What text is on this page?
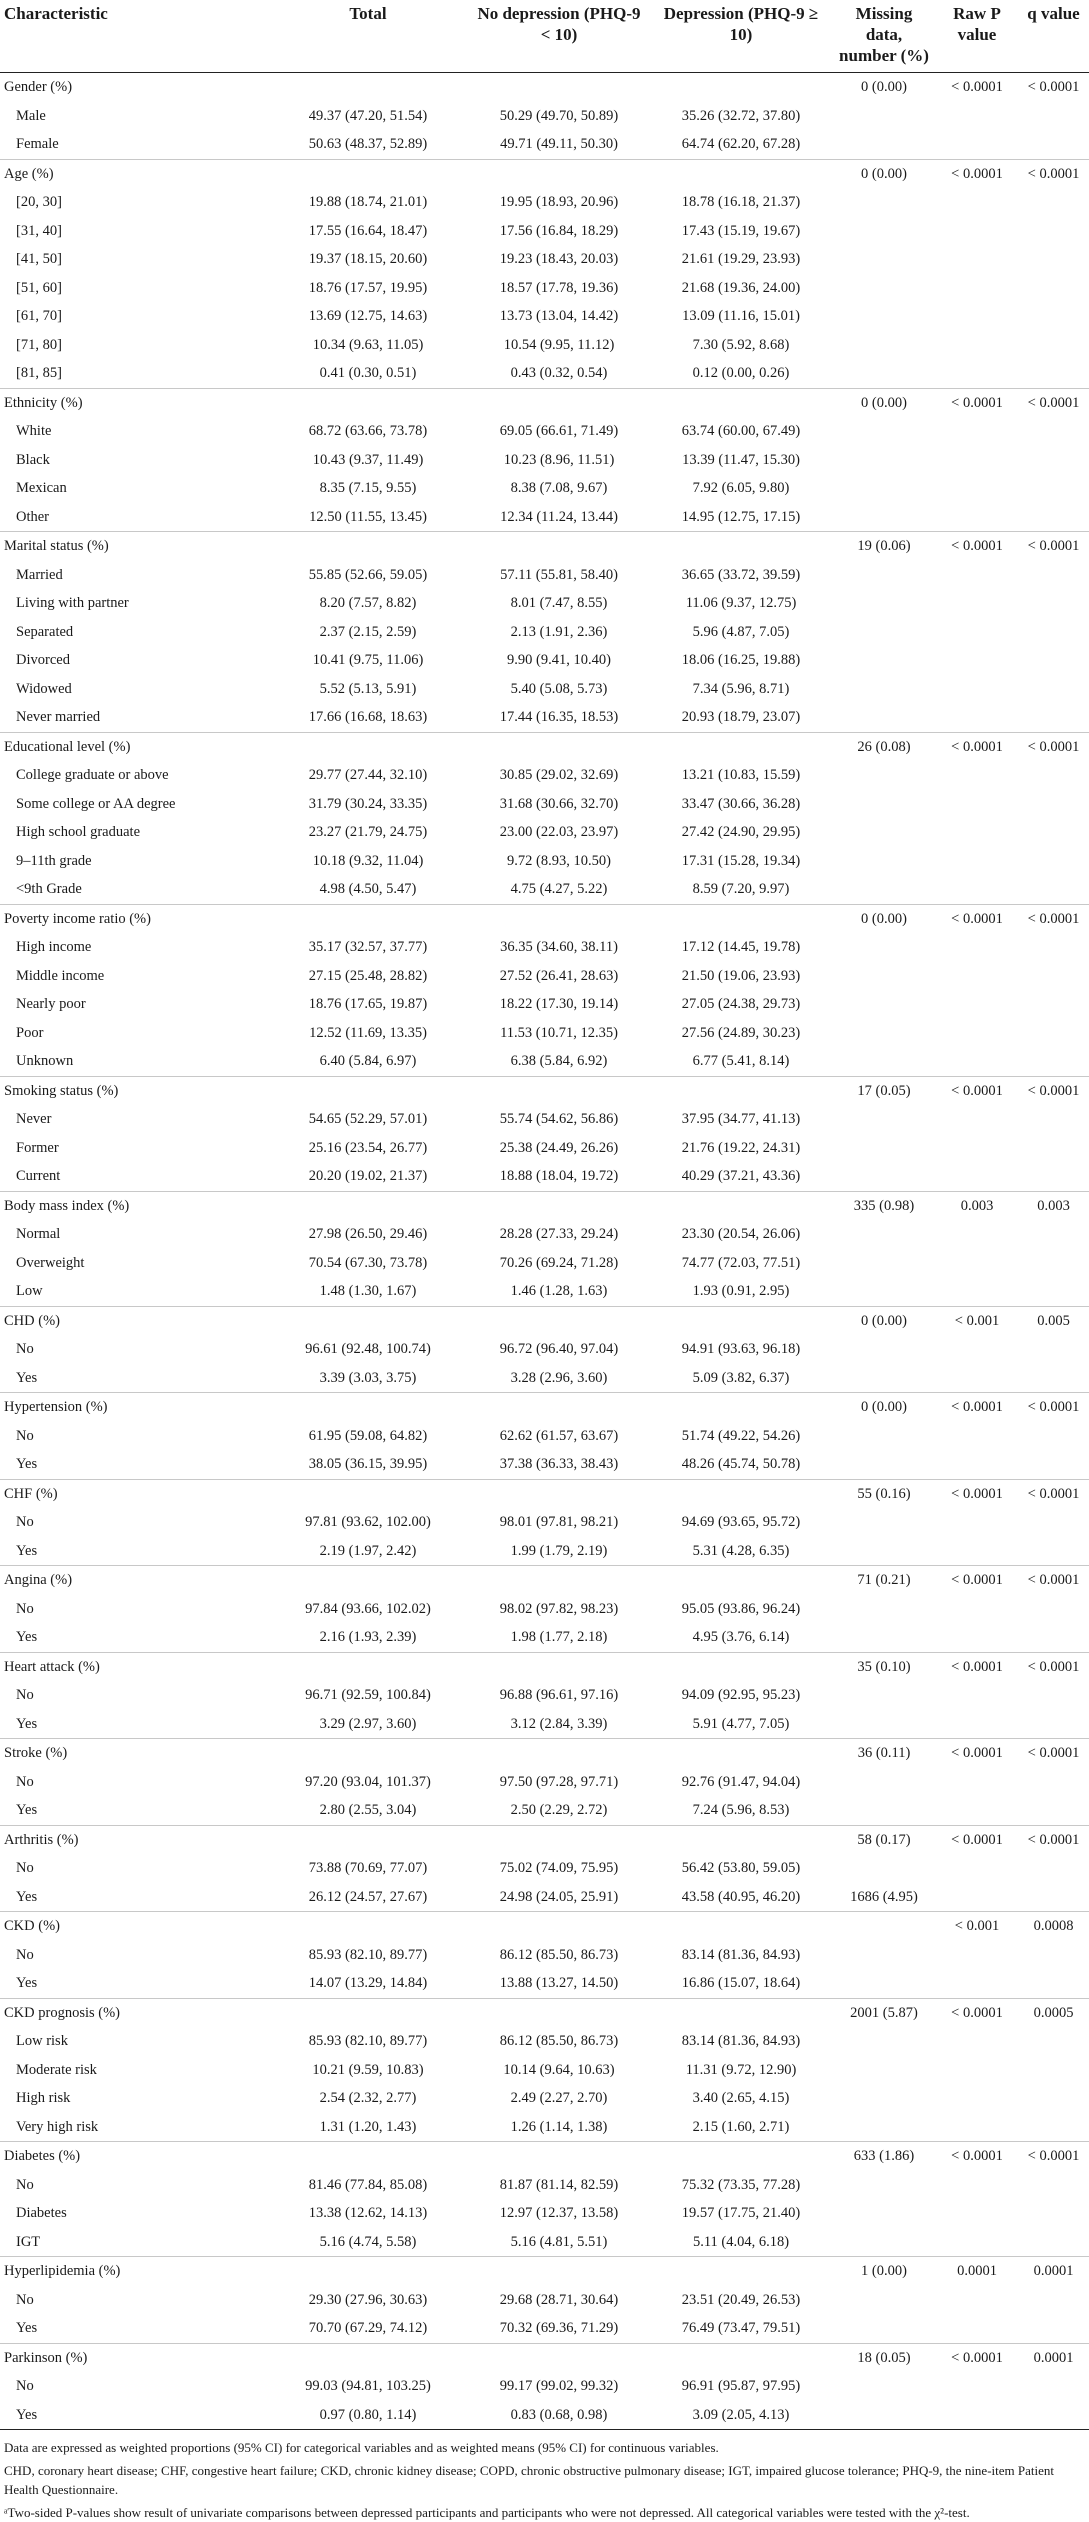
Characteristic	Total	No depression (PHQ-9 < 10)	Depression (PHQ-9 ≥ 10)	Missing data, number (%)	Raw P value	q value
Gender (%)				0 (0.00)	< 0.0001	< 0.0001
Male	49.37 (47.20, 51.54)	50.29 (49.70, 50.89)	35.26 (32.72, 37.80)			
Female	50.63 (48.37, 52.89)	49.71 (49.11, 50.30)	64.74 (62.20, 67.28)			
Age (%)				0 (0.00)	< 0.0001	< 0.0001
[20, 30]	19.88 (18.74, 21.01)	19.95 (18.93, 20.96)	18.78 (16.18, 21.37)			
[31, 40]	17.55 (16.64, 18.47)	17.56 (16.84, 18.29)	17.43 (15.19, 19.67)			
[41, 50]	19.37 (18.15, 20.60)	19.23 (18.43, 20.03)	21.61 (19.29, 23.93)			
[51, 60]	18.76 (17.57, 19.95)	18.57 (17.78, 19.36)	21.68 (19.36, 24.00)			
[61, 70]	13.69 (12.75, 14.63)	13.73 (13.04, 14.42)	13.09 (11.16, 15.01)			
[71, 80]	10.34 (9.63, 11.05)	10.54 (9.95, 11.12)	7.30 (5.92, 8.68)			
[81, 85]	0.41 (0.30, 0.51)	0.43 (0.32, 0.54)	0.12 (0.00, 0.26)			
Ethnicity (%)				0 (0.00)	< 0.0001	< 0.0001
White	68.72 (63.66, 73.78)	69.05 (66.61, 71.49)	63.74 (60.00, 67.49)			
Black	10.43 (9.37, 11.49)	10.23 (8.96, 11.51)	13.39 (11.47, 15.30)			
Mexican	8.35 (7.15, 9.55)	8.38 (7.08, 9.67)	7.92 (6.05, 9.80)			
Other	12.50 (11.55, 13.45)	12.34 (11.24, 13.44)	14.95 (12.75, 17.15)			
Marital status (%)				19 (0.06)	< 0.0001	< 0.0001
Married	55.85 (52.66, 59.05)	57.11 (55.81, 58.40)	36.65 (33.72, 39.59)			
Living with partner	8.20 (7.57, 8.82)	8.01 (7.47, 8.55)	11.06 (9.37, 12.75)			
Separated	2.37 (2.15, 2.59)	2.13 (1.91, 2.36)	5.96 (4.87, 7.05)			
Divorced	10.41 (9.75, 11.06)	9.90 (9.41, 10.40)	18.06 (16.25, 19.88)			
Widowed	5.52 (5.13, 5.91)	5.40 (5.08, 5.73)	7.34 (5.96, 8.71)			
Never married	17.66 (16.68, 18.63)	17.44 (16.35, 18.53)	20.93 (18.79, 23.07)			
Educational level (%)				26 (0.08)	< 0.0001	< 0.0001
College graduate or above	29.77 (27.44, 32.10)	30.85 (29.02, 32.69)	13.21 (10.83, 15.59)			
Some college or AA degree	31.79 (30.24, 33.35)	31.68 (30.66, 32.70)	33.47 (30.66, 36.28)			
High school graduate	23.27 (21.79, 24.75)	23.00 (22.03, 23.97)	27.42 (24.90, 29.95)			
9–11th grade	10.18 (9.32, 11.04)	9.72 (8.93, 10.50)	17.31 (15.28, 19.34)			
<9th Grade	4.98 (4.50, 5.47)	4.75 (4.27, 5.22)	8.59 (7.20, 9.97)			
Poverty income ratio (%)				0 (0.00)	< 0.0001	< 0.0001
High income	35.17 (32.57, 37.77)	36.35 (34.60, 38.11)	17.12 (14.45, 19.78)			
Middle income	27.15 (25.48, 28.82)	27.52 (26.41, 28.63)	21.50 (19.06, 23.93)			
Nearly poor	18.76 (17.65, 19.87)	18.22 (17.30, 19.14)	27.05 (24.38, 29.73)			
Poor	12.52 (11.69, 13.35)	11.53 (10.71, 12.35)	27.56 (24.89, 30.23)			
Unknown	6.40 (5.84, 6.97)	6.38 (5.84, 6.92)	6.77 (5.41, 8.14)			
Smoking status (%)				17 (0.05)	< 0.0001	< 0.0001
Never	54.65 (52.29, 57.01)	55.74 (54.62, 56.86)	37.95 (34.77, 41.13)			
Former	25.16 (23.54, 26.77)	25.38 (24.49, 26.26)	21.76 (19.22, 24.31)			
Current	20.20 (19.02, 21.37)	18.88 (18.04, 19.72)	40.29 (37.21, 43.36)			
Body mass index (%)				335 (0.98)	0.003	0.003
Normal	27.98 (26.50, 29.46)	28.28 (27.33, 29.24)	23.30 (20.54, 26.06)			
Overweight	70.54 (67.30, 73.78)	70.26 (69.24, 71.28)	74.77 (72.03, 77.51)			
Low	1.48 (1.30, 1.67)	1.46 (1.28, 1.63)	1.93 (0.91, 2.95)			
CHD (%)				0 (0.00)	< 0.001	0.005
No	96.61 (92.48, 100.74)	96.72 (96.40, 97.04)	94.91 (93.63, 96.18)			
Yes	3.39 (3.03, 3.75)	3.28 (2.96, 3.60)	5.09 (3.82, 6.37)			
Hypertension (%)				0 (0.00)	< 0.0001	< 0.0001
No	61.95 (59.08, 64.82)	62.62 (61.57, 63.67)	51.74 (49.22, 54.26)			
Yes	38.05 (36.15, 39.95)	37.38 (36.33, 38.43)	48.26 (45.74, 50.78)			
CHF (%)				55 (0.16)	< 0.0001	< 0.0001
No	97.81 (93.62, 102.00)	98.01 (97.81, 98.21)	94.69 (93.65, 95.72)			
Yes	2.19 (1.97, 2.42)	1.99 (1.79, 2.19)	5.31 (4.28, 6.35)			
Angina (%)				71 (0.21)	< 0.0001	< 0.0001
No	97.84 (93.66, 102.02)	98.02 (97.82, 98.23)	95.05 (93.86, 96.24)			
Yes	2.16 (1.93, 2.39)	1.98 (1.77, 2.18)	4.95 (3.76, 6.14)			
Heart attack (%)				35 (0.10)	< 0.0001	< 0.0001
No	96.71 (92.59, 100.84)	96.88 (96.61, 97.16)	94.09 (92.95, 95.23)			
Yes	3.29 (2.97, 3.60)	3.12 (2.84, 3.39)	5.91 (4.77, 7.05)			
Stroke (%)				36 (0.11)	< 0.0001	< 0.0001
No	97.20 (93.04, 101.37)	97.50 (97.28, 97.71)	92.76 (91.47, 94.04)			
Yes	2.80 (2.55, 3.04)	2.50 (2.29, 2.72)	7.24 (5.96, 8.53)			
Arthritis (%)				58 (0.17)	< 0.0001	< 0.0001
No	73.88 (70.69, 77.07)	75.02 (74.09, 75.95)	56.42 (53.80, 59.05)			
Yes	26.12 (24.57, 27.67)	24.98 (24.05, 25.91)	43.58 (40.95, 46.20)	1686 (4.95)		
CKD (%)					< 0.001	0.0008
No	85.93 (82.10, 89.77)	86.12 (85.50, 86.73)	83.14 (81.36, 84.93)			
Yes	14.07 (13.29, 14.84)	13.88 (13.27, 14.50)	16.86 (15.07, 18.64)			
CKD prognosis (%)				2001 (5.87)	< 0.0001	0.0005
Low risk	85.93 (82.10, 89.77)	86.12 (85.50, 86.73)	83.14 (81.36, 84.93)			
Moderate risk	10.21 (9.59, 10.83)	10.14 (9.64, 10.63)	11.31 (9.72, 12.90)			
High risk	2.54 (2.32, 2.77)	2.49 (2.27, 2.70)	3.40 (2.65, 4.15)			
Very high risk	1.31 (1.20, 1.43)	1.26 (1.14, 1.38)	2.15 (1.60, 2.71)			
Diabetes (%)				633 (1.86)	< 0.0001	< 0.0001
No	81.46 (77.84, 85.08)	81.87 (81.14, 82.59)	75.32 (73.35, 77.28)			
Diabetes	13.38 (12.62, 14.13)	12.97 (12.37, 13.58)	19.57 (17.75, 21.40)			
IGT	5.16 (4.74, 5.58)	5.16 (4.81, 5.51)	5.11 (4.04, 6.18)			
Hyperlipidemia (%)				1 (0.00)	0.0001	0.0001
No	29.30 (27.96, 30.63)	29.68 (28.71, 30.64)	23.51 (20.49, 26.53)			
Yes	70.70 (67.29, 74.12)	70.32 (69.36, 71.29)	76.49 (73.47, 79.51)			
Parkinson (%)				18 (0.05)	< 0.0001	0.0001
No	99.03 (94.81, 103.25)	99.17 (99.02, 99.32)	96.91 (95.87, 97.95)			
Yes	0.97 (0.80, 1.14)	0.83 (0.68, 0.98)	3.09 (2.05, 4.13)			

Data are expressed as weighted proportions (95% CI) for categorical variables and as weighted means (95% CI) for continuous variables.

CHD, coronary heart disease; CHF, congestive heart failure; CKD, chronic kidney disease; COPD, chronic obstructive pulmonary disease; IGT, impaired glucose tolerance; PHQ-9, the nine-item Patient Health Questionnaire.

ᵃTwo-sided P-values show result of univariate comparisons between depressed participants and participants who were not depressed. All categorical variables were tested with the χ²-test.
